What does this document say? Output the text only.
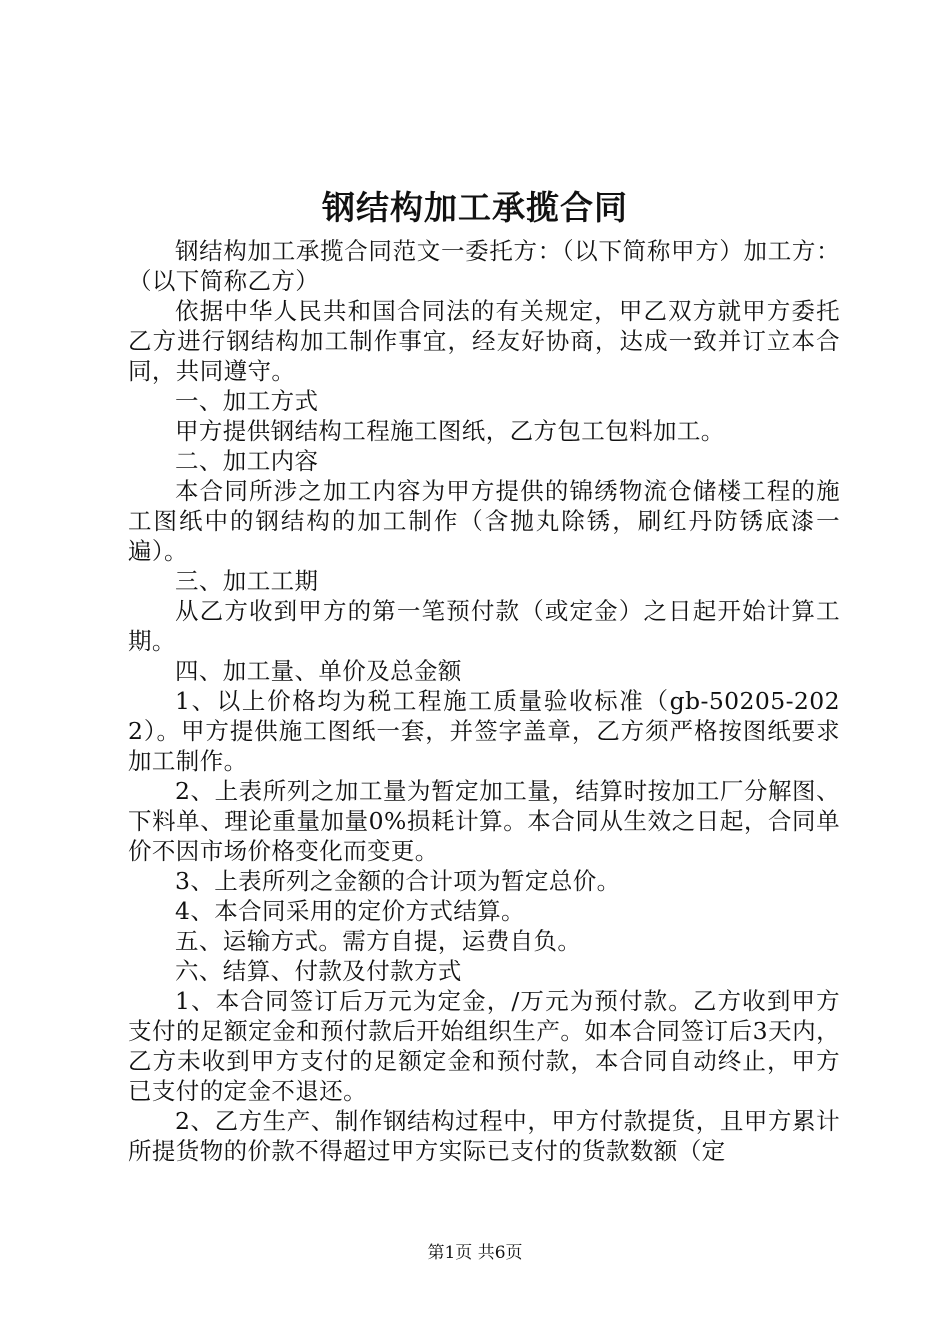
钢结构加工承揽合同

钢结构加工承揽合同范文一委托方：（以下简称甲方）加工方：（以下简称乙方）

依据中华人民共和国合同法的有关规定，甲乙双方就甲方委托乙方进行钢结构加工制作事宜，经友好协商，达成一致并订立本合同，共同遵守。

一、加工方式

甲方提供钢结构工程施工图纸，乙方包工包料加工。

二、加工内容

本合同所涉之加工内容为甲方提供的锦绣物流仓储楼工程的施工图纸中的钢结构的加工制作（含抛丸除锈，刷红丹防锈底漆一遍）。

三、加工工期

从乙方收到甲方的第一笔预付款（或定金）之日起开始计算工期。

四、加工量、单价及总金额

1、以上价格均为税工程施工质量验收标准（gb-50205-2022）。甲方提供施工图纸一套，并签字盖章，乙方须严格按图纸要求加工制作。

2、上表所列之加工量为暂定加工量，结算时按加工厂分解图、下料单、理论重量加量0%损耗计算。本合同从生效之日起，合同单价不因市场价格变化而变更。

3、上表所列之金额的合计项为暂定总价。

4、本合同采用的定价方式结算。

五、运输方式。需方自提，运费自负。

六、结算、付款及付款方式

1、本合同签订后万元为定金，/万元为预付款。乙方收到甲方支付的足额定金和预付款后开始组织生产。如本合同签订后3天内，乙方未收到甲方支付的足额定金和预付款，本合同自动终止，甲方已支付的定金不退还。

2、乙方生产、制作钢结构过程中，甲方付款提货，且甲方累计所提货物的价款不得超过甲方实际已支付的货款数额（定

第1页 共6页
